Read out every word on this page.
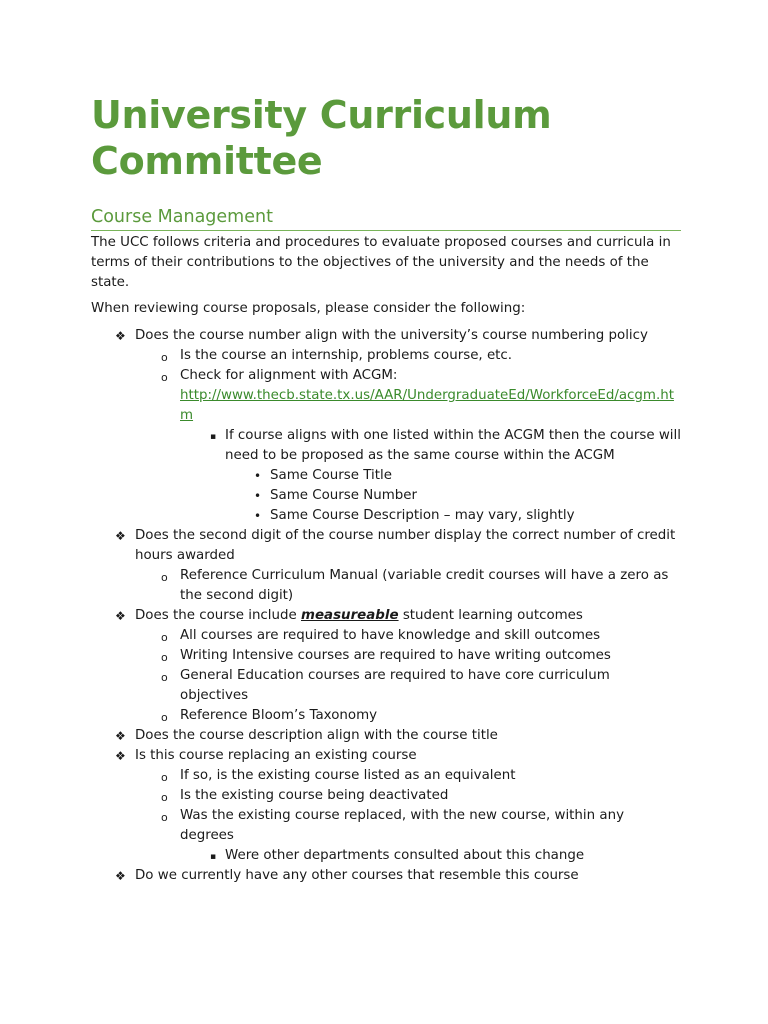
University Curriculum
Committee
Course Management
The UCC follows criteria and procedures to evaluate proposed courses and curricula in terms of their contributions to the objectives of the university and the needs of the state.
When reviewing course proposals, please consider the following:
❖ Does the course number align with the university’s course numbering policy
o Is the course an internship, problems course, etc.
o Check for alignment with ACGM:
http://www.thecb.state.tx.us/AAR/UndergraduateEd/WorkforceEd/acgm.htm
▪ If course aligns with one listed within the ACGM then the course will need to be proposed as the same course within the ACGM
• Same Course Title
• Same Course Number
• Same Course Description – may vary, slightly
❖ Does the second digit of the course number display the correct number of credit hours awarded
o Reference Curriculum Manual (variable credit courses will have a zero as the second digit)
❖ Does the course include measureable student learning outcomes
o All courses are required to have knowledge and skill outcomes
o Writing Intensive courses are required to have writing outcomes
o General Education courses are required to have core curriculum objectives
o Reference Bloom’s Taxonomy
❖ Does the course description align with the course title
❖ Is this course replacing an existing course
o If so, is the existing course listed as an equivalent
o Is the existing course being deactivated
o Was the existing course replaced, with the new course, within any degrees
▪ Were other departments consulted about this change
❖ Do we currently have any other courses that resemble this course
